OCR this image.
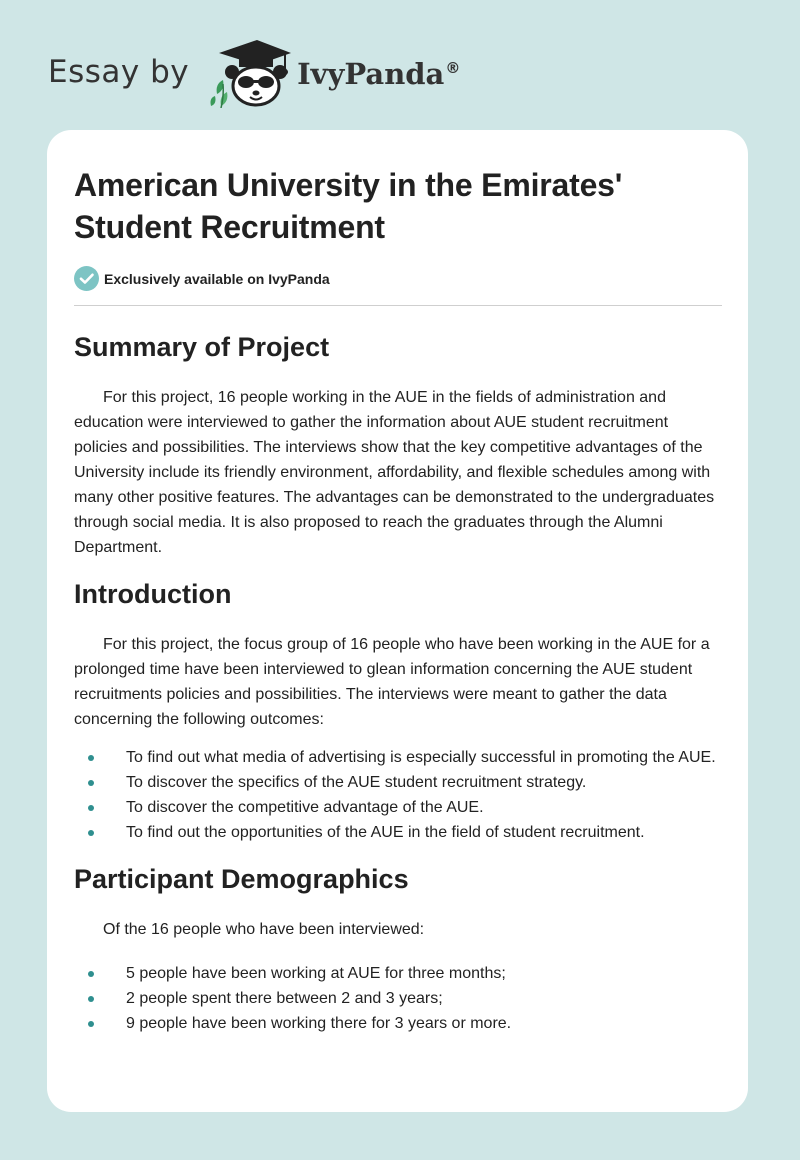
Essay by	IvyPanda®
American University in the Emirates'
Student Recruitment
Exclusively available on IvyPanda
Summary of Project

For this project, 16 people working in the AUE in the fields of administration and education were interviewed to gather the information about AUE student recruitment policies and possibilities. The interviews show that the key competitive advantages of the University include its friendly environment, affordability, and flexible schedules among with many other positive features. The advantages can be demonstrated to the undergraduates through social media. It is also proposed to reach the graduates through the Alumni Department.

Introduction

For this project, the focus group of 16 people who have been working in the AUE for a prolonged time have been interviewed to glean information concerning the AUE student recruitments policies and possibilities. The interviews were meant to gather the data concerning the following outcomes:

To find out what media of advertising is especially successful in promoting the AUE.
To discover the specifics of the AUE student recruitment strategy.
To discover the competitive advantage of the AUE.
To find out the opportunities of the AUE in the field of student recruitment.
Participant Demographics

Of the 16 people who have been interviewed:

5 people have been working at AUE for three months;
2 people spent there between 2 and 3 years;
9 people have been working there for 3 years or more.
